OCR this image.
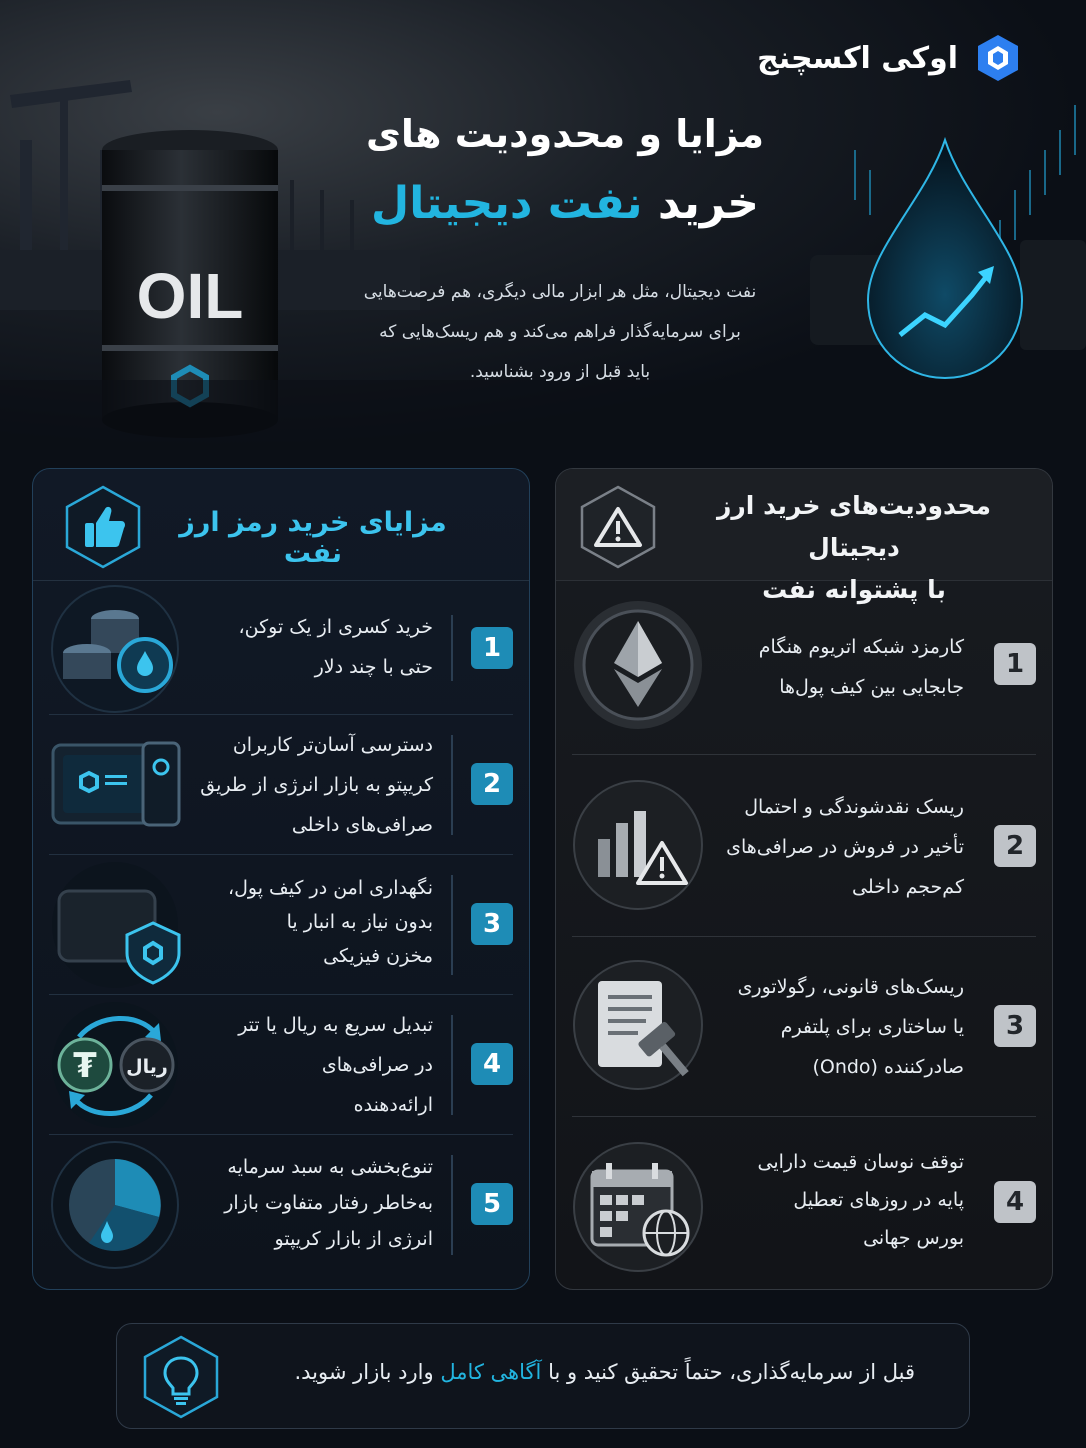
OIL
اوکی اکسچنج
مزایا و محدودیت های
خرید نفت دیجیتال
نفت دیجیتال، مثل هر ابزار مالی دیگری، هم فرصت‌هایی
برای سرمایه‌گذار فراهم می‌کند و هم ریسک‌هایی که
باید قبل از ورود بشناسید.
مزایای خرید رمز ارز نفت
1
خرید کسری از یک توکن،
حتی با چند دلار
2
دسترسی آسان‌تر کاربران
کریپتو به بازار انرژی از طریق
صرافی‌های داخلی
3
نگهداری امن در کیف پول،
بدون نیاز به انبار یا
مخزن فیزیکی
4
تبدیل سریع به ریال یا تتر
در صرافی‌های
ارائه‌دهنده
₮ ریال
5
تنوع‌بخشی به سبد سرمایه
به‌خاطر رفتار متفاوت بازار
انرژی از بازار کریپتو
محدودیت‌های خرید ارز دیجیتال
با پشتوانه نفت
1
کارمزد شبکه اتریوم هنگام
جابجایی بین کیف پول‌ها
2
ریسک نقدشوندگی و احتمال
تأخیر در فروش در صرافی‌های
کم‌حجم داخلی
3
ریسک‌های قانونی، رگولاتوری
یا ساختاری برای پلتفرم
صادرکننده (Ondo)
4
توقف نوسان قیمت دارایی
پایه در روزهای تعطیل
بورس جهانی
قبل از سرمایه‌گذاری، حتماً تحقیق کنید و با آگاهی کامل وارد بازار شوید.
